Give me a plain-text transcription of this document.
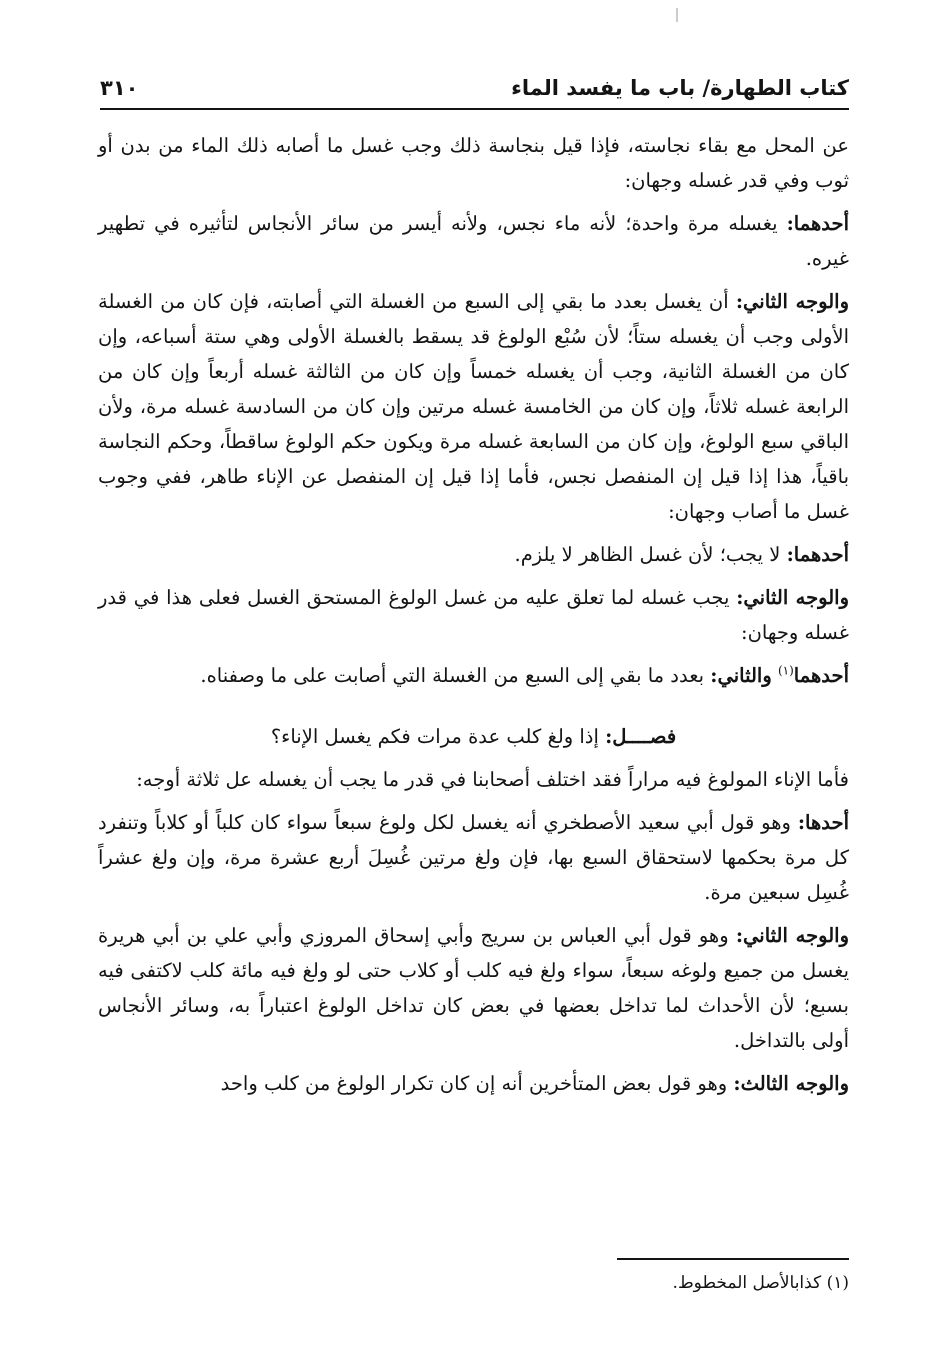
كتاب الطهارة/ باب ما يفسد الماء
٣١٠

عن المحل مع بقاء نجاسته، فإذا قيل بنجاسة ذلك وجب غسل ما أصابه ذلك الماء من بدن أو ثوب وفي قدر غسله وجهان:

أحدهما: يغسله مرة واحدة؛ لأنه ماء نجس، ولأنه أيسر من سائر الأنجاس لتأثيره في تطهير غيره.

والوجه الثاني: أن يغسل بعدد ما بقي إلى السبع من الغسلة التي أصابته، فإن كان من الغسلة الأولى وجب أن يغسله ستاً؛ لأن سُبْع الولوغ قد يسقط بالغسلة الأولى وهي ستة أسباعه، وإن كان من الغسلة الثانية، وجب أن يغسله خمساً وإن كان من الثالثة غسله أربعاً وإن كان من الرابعة غسله ثلاثاً، وإن كان من الخامسة غسله مرتين وإن كان من السادسة غسله مرة، ولأن الباقي سبع الولوغ، وإن كان من السابعة غسله مرة ويكون حكم الولوغ ساقطاً، وحكم النجاسة باقياً، هذا إذا قيل إن المنفصل نجس، فأما إذا قيل إن المنفصل عن الإناء طاهر، ففي وجوب غسل ما أصاب وجهان:

أحدهما: لا يجب؛ لأن غسل الظاهر لا يلزم.

والوجه الثاني: يجب غسله لما تعلق عليه من غسل الولوغ المستحق الغسل فعلى هذا في قدر غسله وجهان:

أحدهما$^{(١)}$ والثاني: بعدد ما بقي إلى السبع من الغسلة التي أصابت على ما وصفناه.

فصــــل: إذا ولغ كلب عدة مرات فكم يغسل الإناء؟

فأما الإناء المولوغ فيه مراراً فقد اختلف أصحابنا في قدر ما يجب أن يغسله عل ثلاثة أوجه:

أحدها: وهو قول أبي سعيد الأصطخري أنه يغسل لكل ولوغ سبعاً سواء كان كلباً أو كلاباً وتنفرد كل مرة بحكمها لاستحقاق السبع بها، فإن ولغ مرتين غُسِلَ أربع عشرة مرة، وإن ولغ عشراً غُسِل سبعين مرة.

والوجه الثاني: وهو قول أبي العباس بن سريج وأبي إسحاق المروزي وأبي علي بن أبي هريرة يغسل من جميع ولوغه سبعاً، سواء ولغ فيه كلب أو كلاب حتى لو ولغ فيه مائة كلب لاكتفى فيه بسبع؛ لأن الأحداث لما تداخل بعضها في بعض كان تداخل الولوغ اعتباراً به، وسائر الأنجاس أولى بالتداخل.

والوجه الثالث: وهو قول بعض المتأخرين أنه إن كان تكرار الولوغ من كلب واحد

(١) كذابالأصل المخطوط.
